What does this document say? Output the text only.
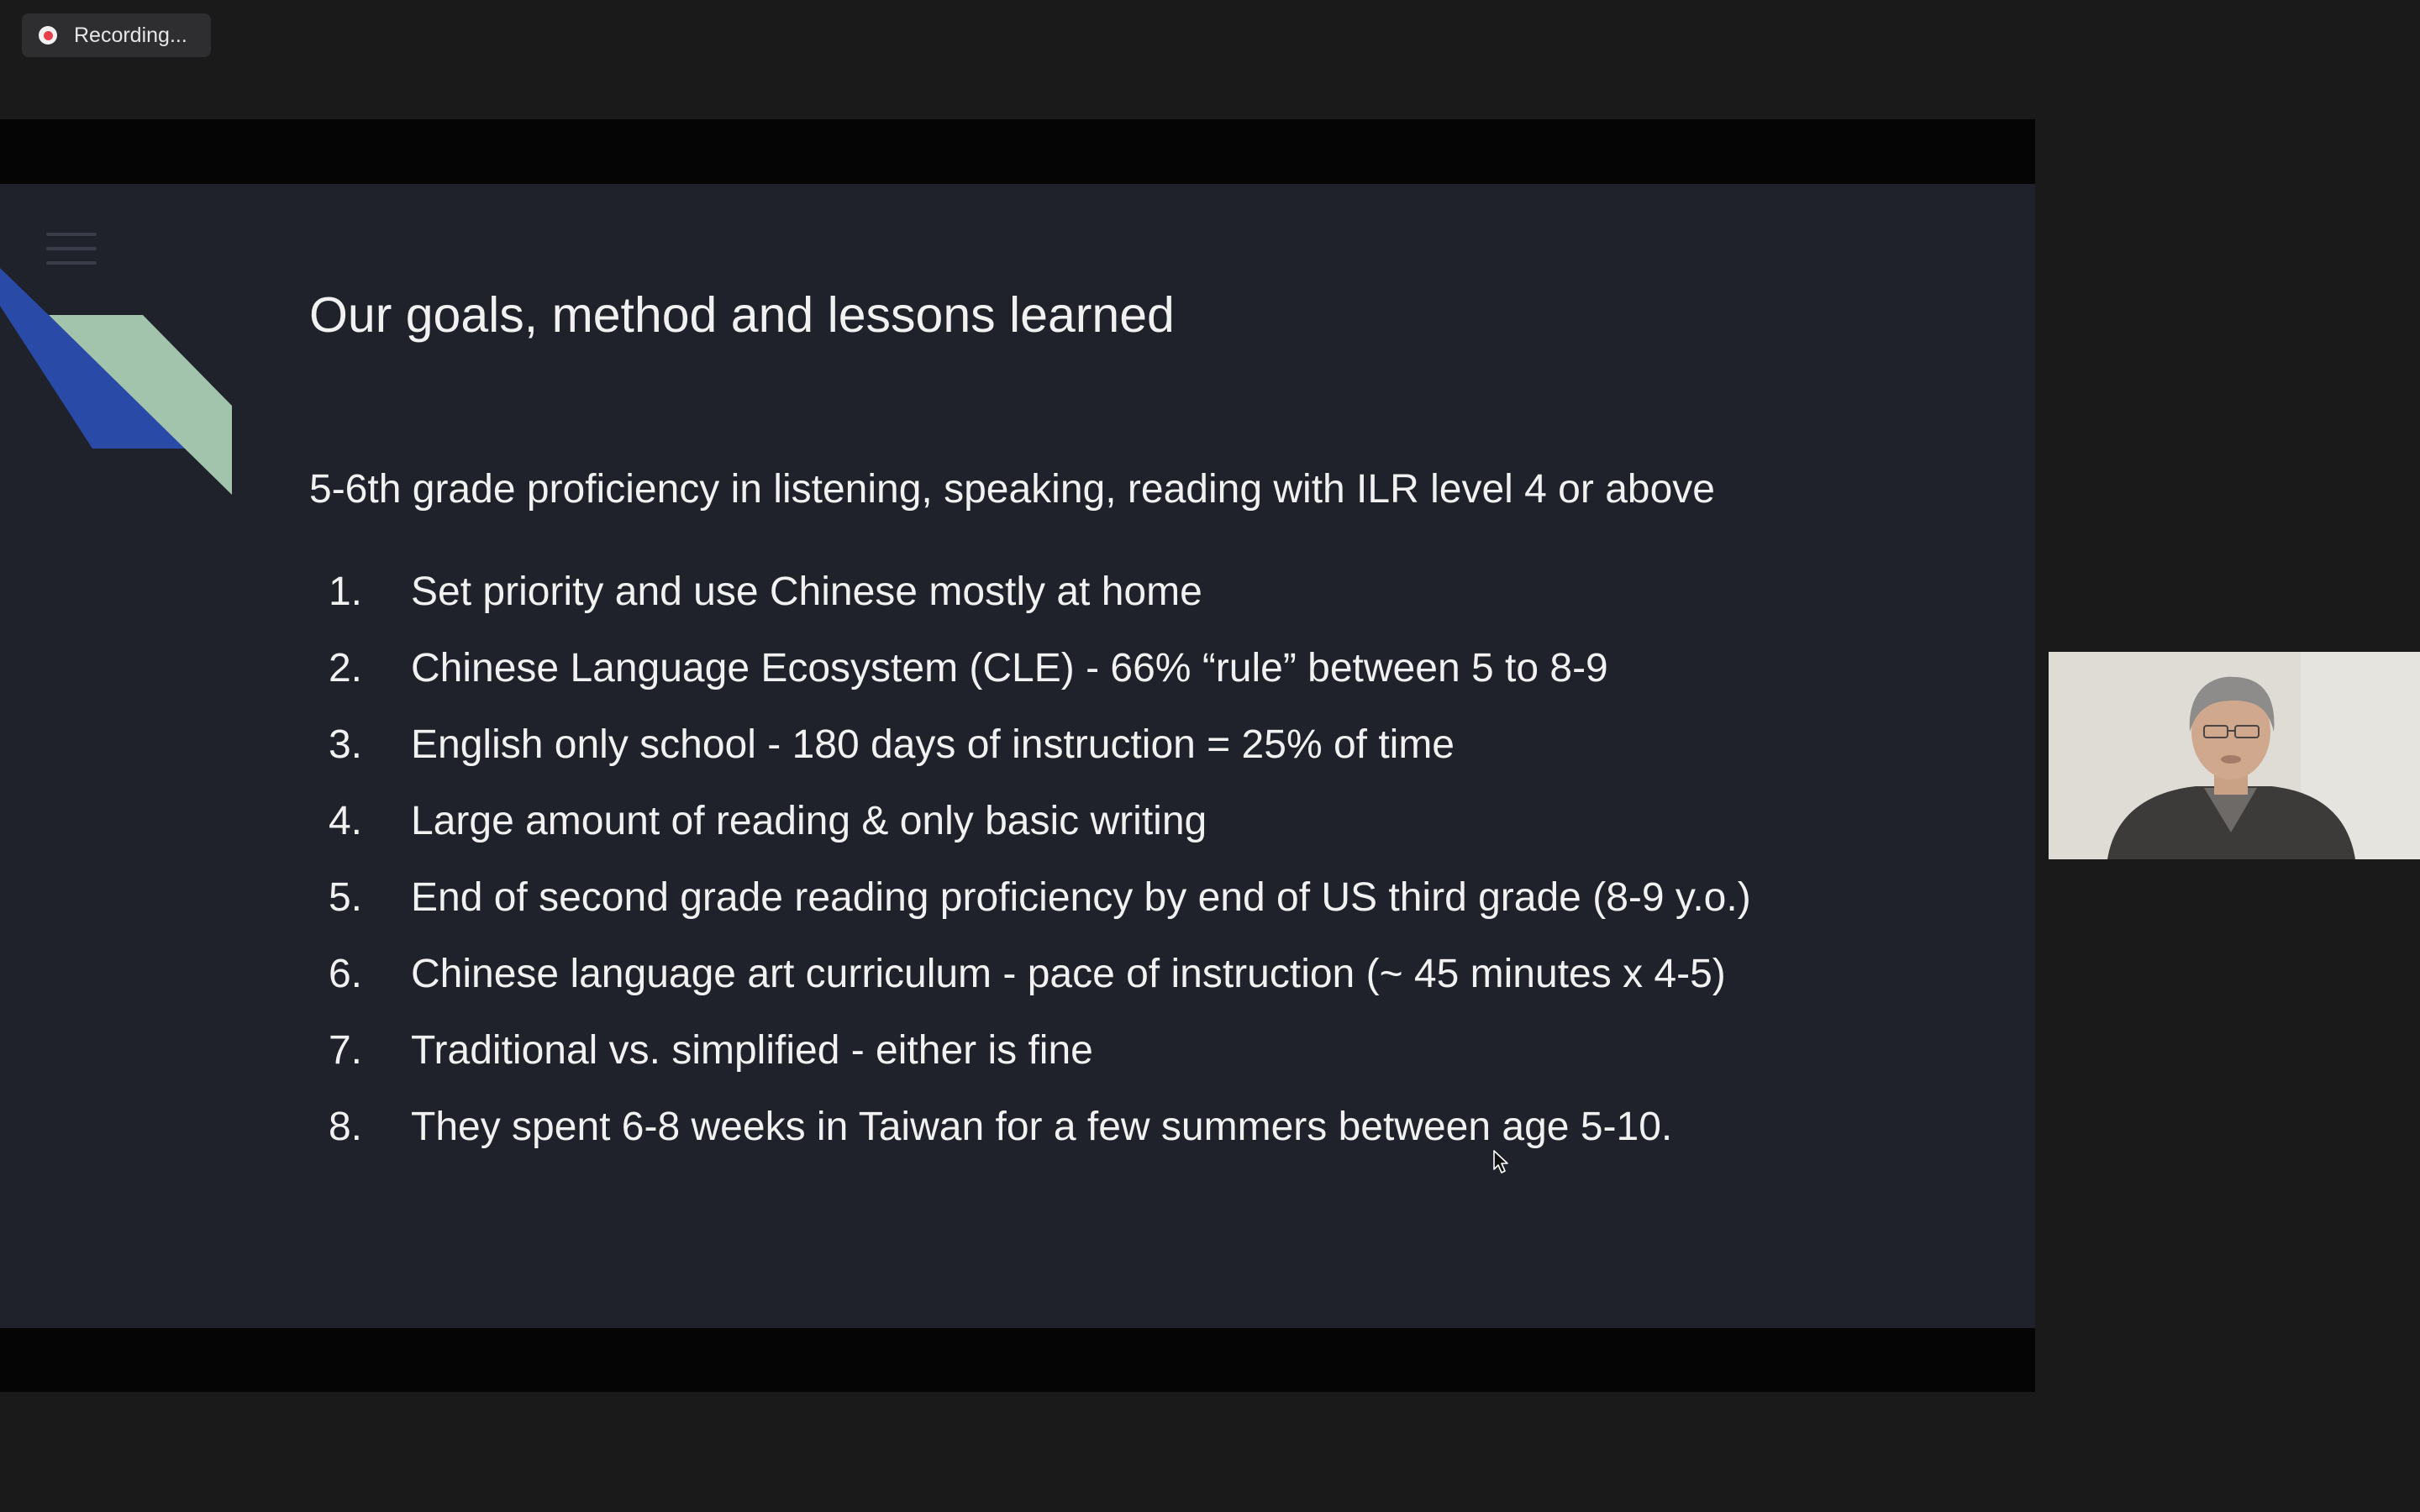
Recording...
Our goals, method and lessons learned
5-6th grade proficiency in listening, speaking, reading with ILR level 4 or above
1.	Set priority and use Chinese mostly at home
2.	Chinese Language Ecosystem (CLE) - 66% “rule” between 5 to 8-9
3.	English only school - 180 days of instruction = 25% of time
4.	Large amount of reading & only basic writing
5.	End of second grade reading proficiency by end of US third grade (8-9 y.o.)
6.	Chinese language art curriculum - pace of instruction (~ 45 minutes x 4-5)
7.	Traditional vs. simplified - either is fine
8.	They spent 6-8 weeks in Taiwan for a few summers between age 5-10.
